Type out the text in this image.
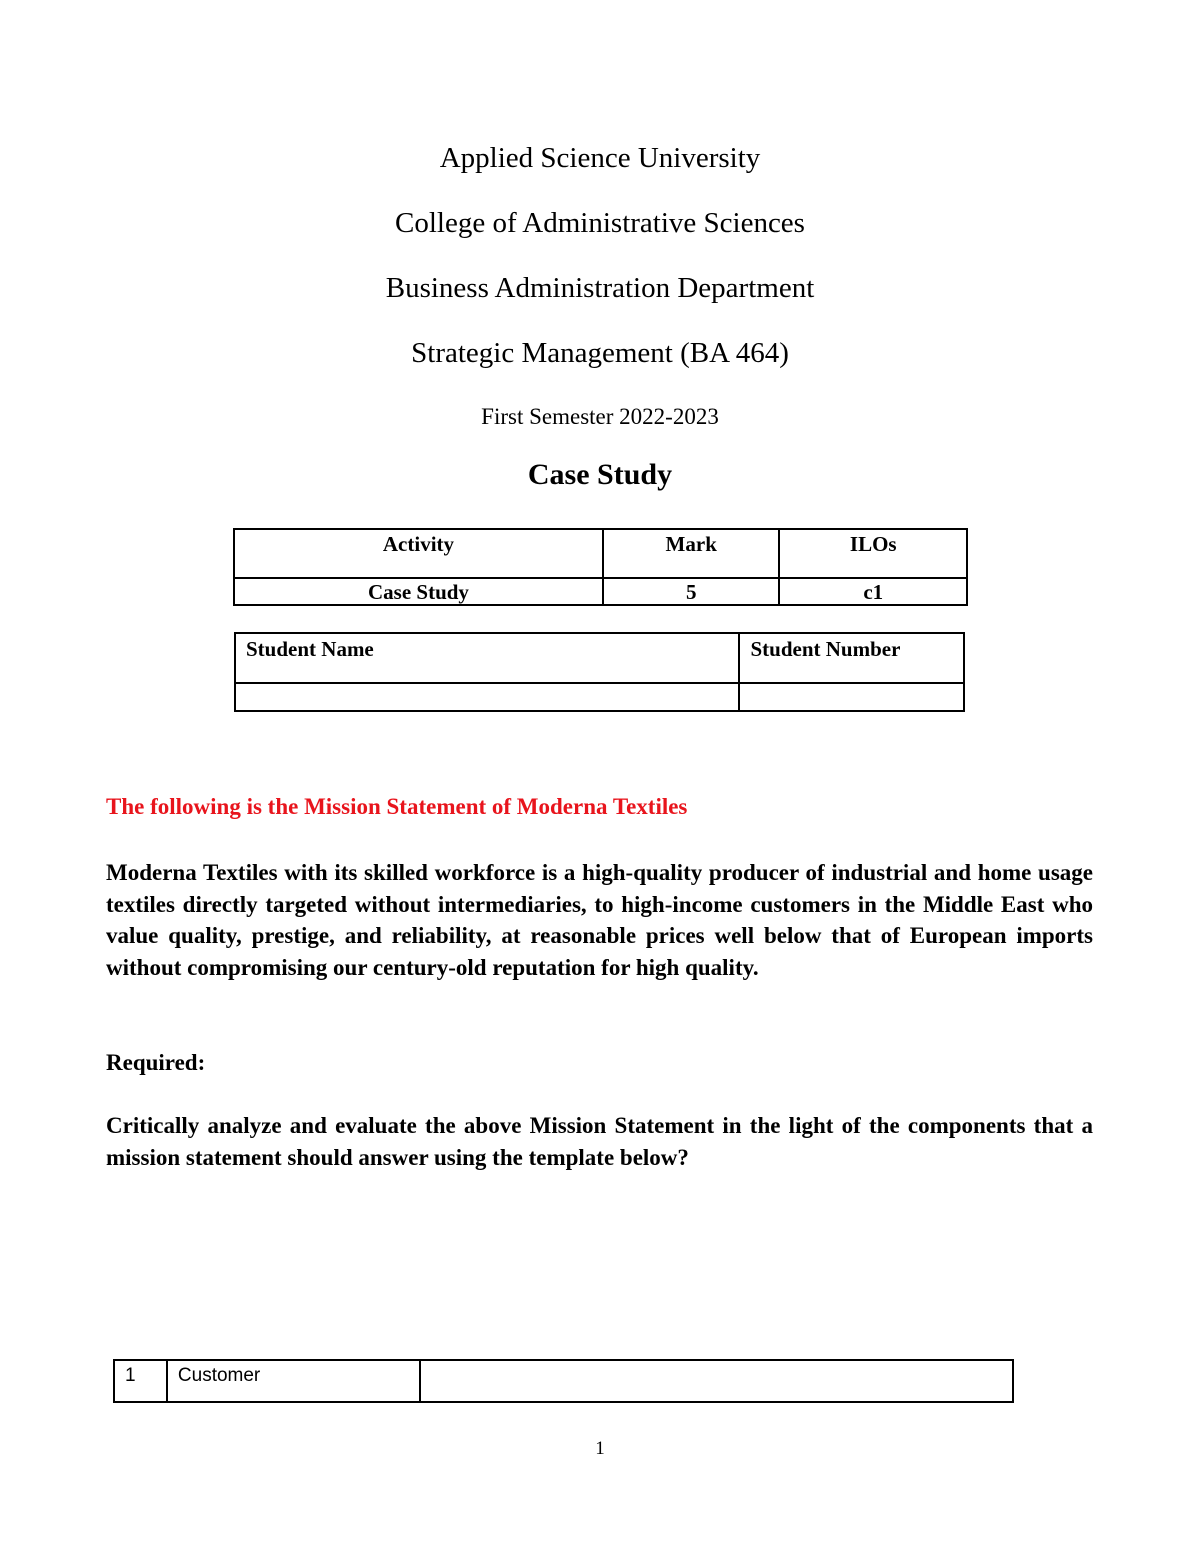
Applied Science University
College of Administrative Sciences
Business Administration Department
Strategic Management (BA 464)
First Semester 2022-2023
Case Study
Activity	Mark	ILOs
Case Study	5	c1
Student Name	Student Number

The following is the Mission Statement of Moderna Textiles
Moderna Textiles with its skilled workforce is a high-quality producer of industrial and home usage textiles directly targeted without intermediaries, to high-income customers in the Middle East who value quality, prestige, and reliability, at reasonable prices well below that of European imports without compromising our century-old reputation for high quality.
Required:
Critically analyze and evaluate the above Mission Statement in the light of the components that a mission statement should answer using the template below?
1	Customer	
1
